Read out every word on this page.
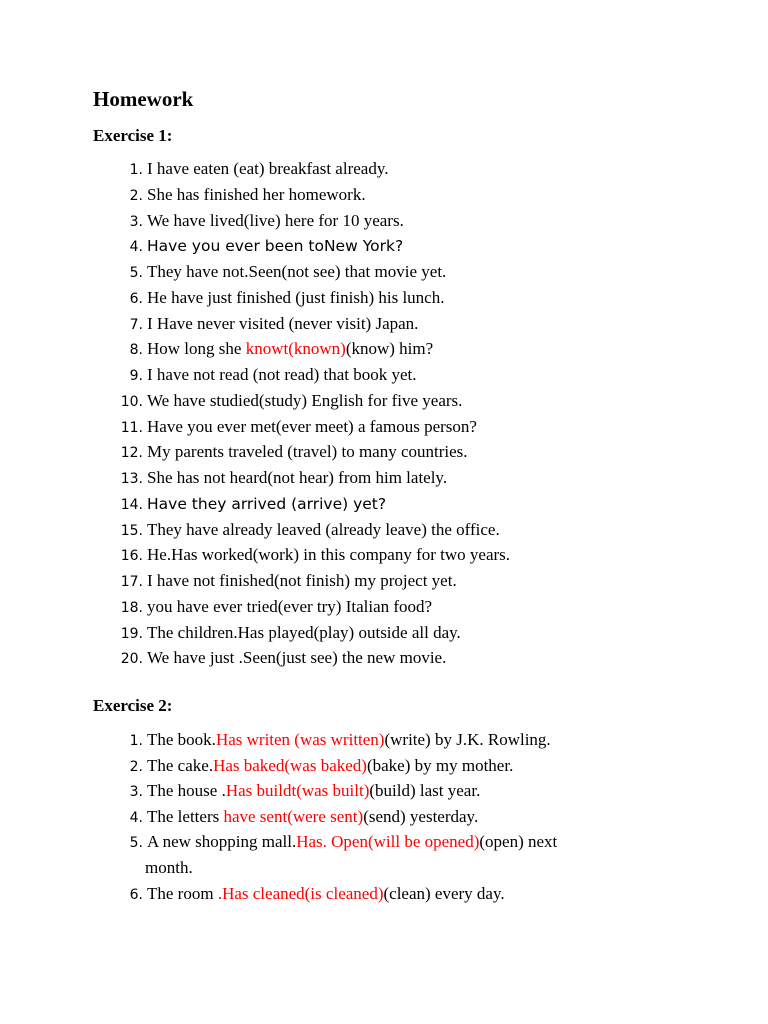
Homework
Exercise 1:
1. I have eaten (eat) breakfast already.
2. She has finished her homework.
3. We have lived(live) here for 10 years.
4. Have you ever been toNew York?
5. They have not.Seen(not see) that movie yet.
6. He have just finished (just finish) his lunch.
7. I Have never visited (never visit) Japan.
8. How long she knowt(known)(know) him?
9. I have not read (not read) that book yet.
10. We have studied(study) English for five years.
11. Have you ever met(ever meet) a famous person?
12. My parents traveled (travel) to many countries.
13. She has not heard(not hear) from him lately.
14. Have they arrived (arrive) yet?
15. They have already leaved (already leave) the office.
16. He.Has worked(work) in this company for two years.
17. I have not finished(not finish) my project yet.
18. you have ever tried(ever try) Italian food?
19. The children.Has played(play) outside all day.
20. We have just .Seen(just see) the new movie.
Exercise 2:
1. The book.Has writen (was written)(write) by J.K. Rowling.
2. The cake.Has baked(was baked)(bake) by my mother.
3. The house .Has buildt(was built)(build) last year.
4. The letters have sent(were sent)(send) yesterday.
5. A new shopping mall.Has. Open(will be opened)(open) next
month.
6. The room .Has cleaned(is cleaned)(clean) every day.
